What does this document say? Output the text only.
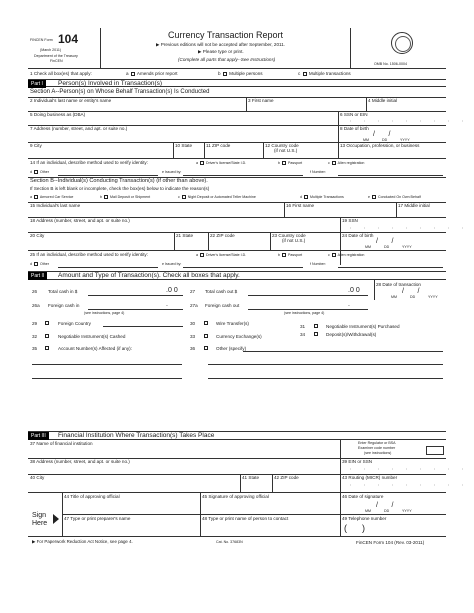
FINCEN Form 104
(March 2011)
Department of the Treasury
FinCEN
Currency Transaction Report
▶ Previous editions will not be accepted after September, 2011.
▶ Please type or print.
(Complete all parts that apply--See Instructions)
OMB No. 1506-0004
1 Check all box(es) that apply:	a Amends prior report	b Multiple persons	c Multiple transactions
Part I	Person(s) Involved in Transaction(s)
Section A--Person(s) on Whose Behalf Transaction(s) Is Conducted
2 Individual's last name or entity's name	3 First name	4 Middle initial
5 Doing business as (DBA)	6 SSN or EIN
: : : : : : : : :
7 Address (number, street, and apt. or suite no.)	8 Date of birth
/       /
MM	DD	YYYY
9 City	10 State	11 ZIP code	12 Country code
(if not U.S.)
13 Occupation, profession, or business
14 If an individual, describe method used to verify identity:	a Driver's license/State I.D.	b Passport	c Alien registration
d Other	e Issued by:	f Number:
Section B--Individual(s) Conducting Transaction(s) (if other than above).
If Section B is left blank or incomplete, check the box(es) below to indicate the reason(s)
a  Armored Car Service	b  Mail Deposit or Shipment	c  Night Deposit or Automated Teller Machine	d  Multiple Transactions	e  Conducted On Own Behalf
15 Individual's last name	16 First name	17 Middle initial
18 Address (number, street, and apt. or suite no.)	19 SSN
: : : : : : : : :
20 City	21 State	22 ZIP code	23 Country code
(if not U.S.)
24 Date of birth
/       /
MM	DD	YYYY
25 If an individual, describe method used to verify identity:	a Driver's license/State I.D.	b Passport	c Alien registration
d Other	e Issued by:	f Number:
Part II	Amount and Type of Transaction(s). Check all boxes that apply.
28 Date of transaction
/       /
MM	DD	YYYY
26 Total cash in $	.0 0	27 Total cash out $	.0 0
26a Foreign cash in	.
(see instructions, page 4)
27a Foreign cash out	.
(see instructions, page 4)
29	Foreign Country	30	Wire Transfer(s)
31	Negotiable Instrument(s) Purchased
32	Negotiable Instrument(s) Cashed	33	Currency Exchange(s)	34	Deposit(s)/Withdrawal(s)
35	Account Number(s) Affected (if any):	36	Other (specify)
Part III	Financial Institution Where Transaction(s) Takes Place
37 Name of financial institution	Enter Regulator or BSA
Examiner code number
(see instructions)
38 Address (number, street, and apt. or suite no.)	39 EIN or SSN
: : : : : : : : :
40 City	41 State	42 ZIP code	43 Routing (MICR) number
: : : : : : : : :
Sign
Here
44 Title of approving official	45 Signature of approving official	46 Date of signature
/       /
MM	DD	YYYY
47 Type or print preparer's name	48 Type or print name of person to contact	49 Telephone number
(      )
▶ For Paperwork Reduction Act Notice, see page 4.	Cat. No. 37683N	FinCEN Form 104 (Rev. 03-2011)
